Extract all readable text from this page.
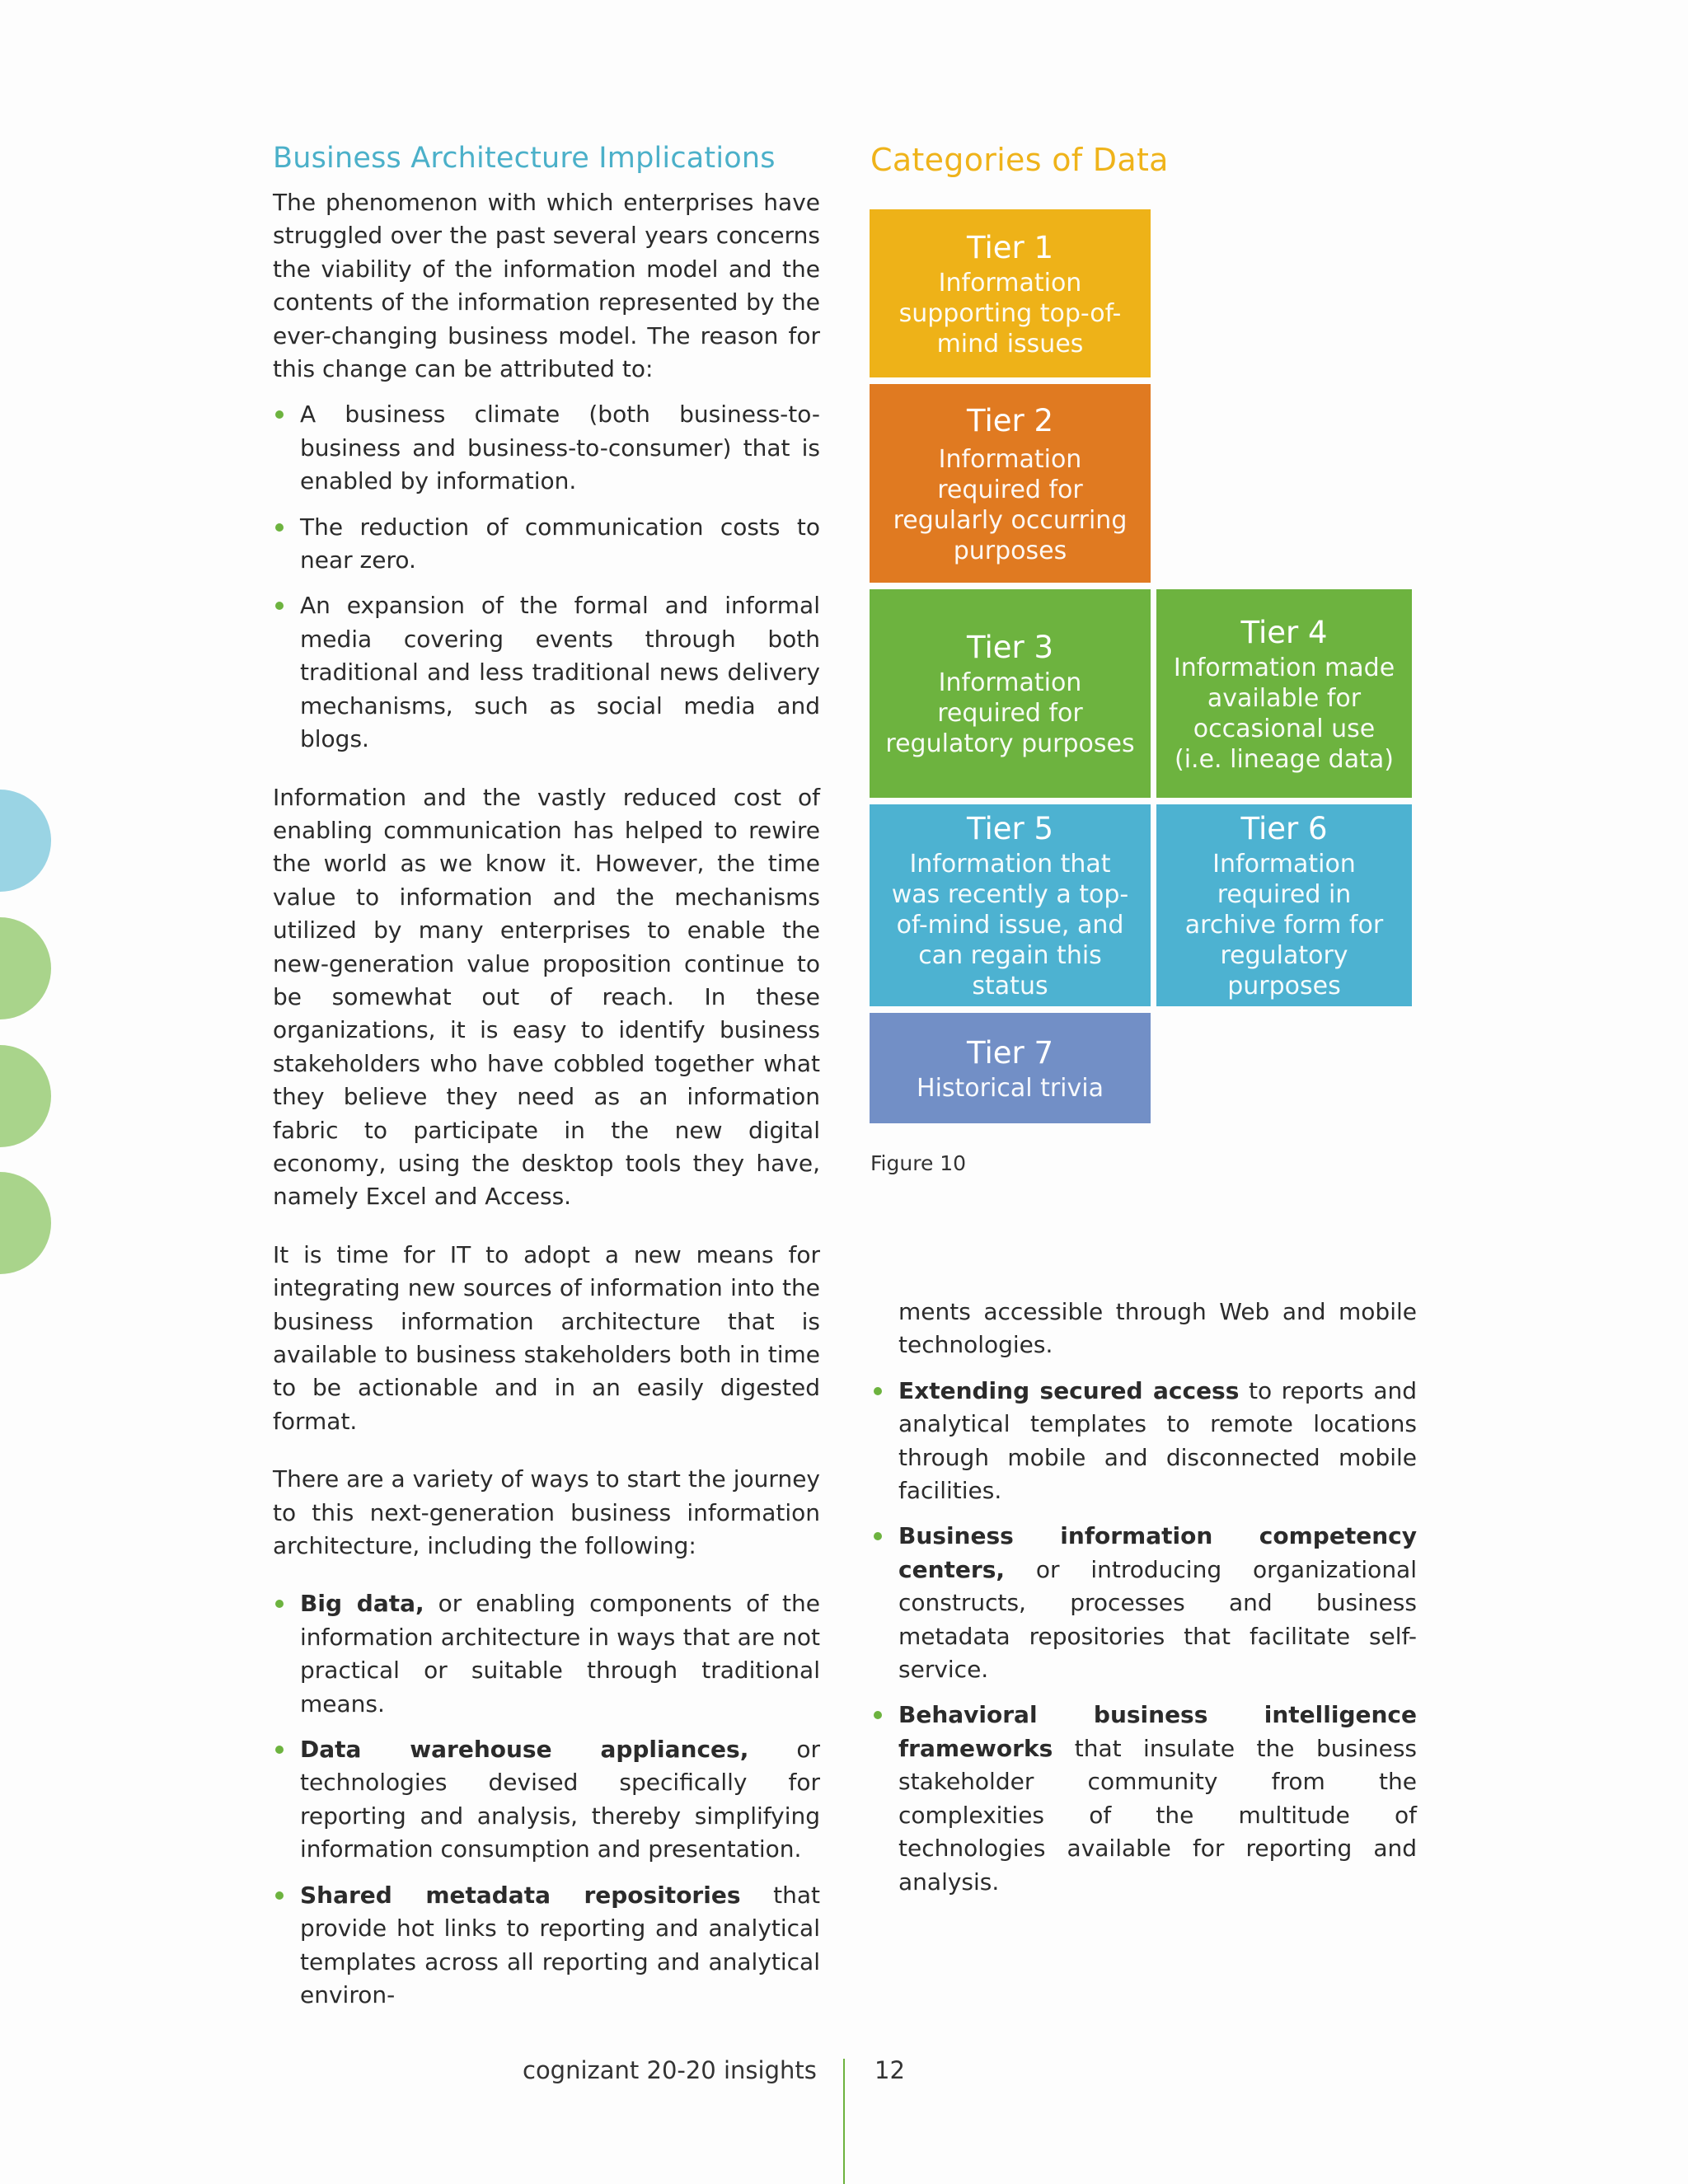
Business Architecture Implications

The phenomenon with which enterprises have struggled over the past several years concerns the viability of the information model and the contents of the information represented by the ever-changing business model. The reason for this change can be attributed to:

A business climate (both business-to-business and business-to-consumer) that is enabled by information.
The reduction of communication costs to near zero.
An expansion of the formal and informal media covering events through both traditional and less traditional news delivery mechanisms, such as social media and blogs.

Information and the vastly reduced cost of enabling communication has helped to rewire the world as we know it. However, the time value to information and the mechanisms utilized by many enterprises to enable the new-generation value proposition continue to be somewhat out of reach. In these organizations, it is easy to identify business stakeholders who have cobbled together what they believe they need as an information fabric to participate in the new digital economy, using the desktop tools they have, namely Excel and Access.

It is time for IT to adopt a new means for integrating new sources of information into the business information architecture that is available to business stakeholders both in time to be actionable and in an easily digested format.

There are a variety of ways to start the journey to this next-generation business information architecture, including the following:

Big data, or enabling components of the information architecture in ways that are not practical or suitable through traditional means.
Data warehouse appliances, or technologies devised specifically for reporting and analysis, thereby simplifying information consumption and presentation.
Shared metadata repositories that provide hot links to reporting and analytical templates across all reporting and analytical environ-
Categories of Data
Tier 1
Information supporting top-of-mind issues
Tier 2
Information required for regularly occurring purposes
Tier 3
Information required for regulatory purposes
Tier 4
Information made available for occasional use (i.e. lineage data)
Tier 5
Information that was recently a top-of-mind issue, and can regain this status
Tier 6
Information required in archive form for regulatory purposes
Tier 7
Historical trivia
Figure 10
ments accessible through Web and mobile technologies.
Extending secured access to reports and analytical templates to remote locations through mobile and disconnected mobile facilities.
Business information competency centers, or introducing organizational constructs, processes and business metadata repositories that facilitate self-service.
Behavioral business intelligence frameworks that insulate the business stakeholder community from the complexities of the multitude of technologies available for reporting and analysis.
cognizant 20-20 insights 12
